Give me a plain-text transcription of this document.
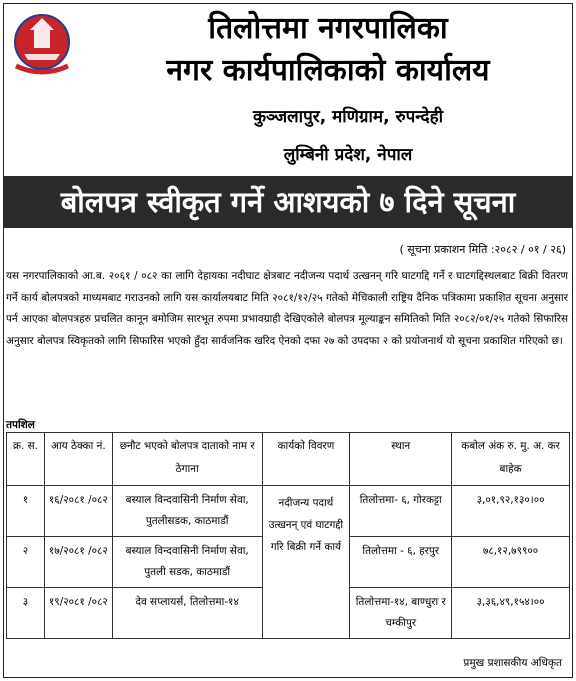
तिलोत्तमा नगरपालिका
नगर कार्यपालिकाको कार्यालय
कुञ्जलापुर, मणिग्राम, रुपन्देही
लुम्बिनी प्रदेश, नेपाल
बोलपत्र स्वीकृत गर्ने आशयको ७ दिने सूचना
( सूचना प्रकाशन मिति :२०८२ / ०१ / २६)
यस नगरपालिकाको आ.ब. २०६१ / ०८२ का लागि देहायका नदीघाट क्षेत्रबाट नदीजन्य पदार्थ उत्खनन् गरि घाटगद्दि गर्ने र घाटगद्दिस्थलबाट बिक्री वितरण गर्ने कार्य बोलपत्रको माध्यमबाट गराउनको लागि यस कार्यालयबाट मिति २०८१/१२/२५ गतेको मेचिकाली राष्ट्रिय दैनिक पत्रिकामा प्रकाशित सूचना अनुसार पर्न आएका बोलपत्रहरु प्रचलित कानून बमोजिम सारभूत रुपमा प्रभावग्राही देखिएकोले बोलपत्र मूल्याङ्कन समितिको मिति २०८२/०१/२५ गतेको सिफारिस अनुसार बोलपत्र स्विकृतको लागि सिफारिस भएको हुँदा सार्वजनिक खरिद ऐनको दफा २७ को उपदफा २ को प्रयोजनार्थ यो सूचना प्रकाशित गरिएको छ।
तपशिल
क्र. स.	आय ठेक्का नं.	छनौट भएको बोलपत्र दाताको नाम र ठेगाना	कार्यको विवरण	स्थान	कबोल अंक रु. मु. अ. कर बाहेक
१	१६/२०८१ /०८२	बस्याल विन्दवासिनी निर्माण सेवा, पुतलीसडक, काठमाडौं	नदीजन्य पदार्थ उत्खनन् एवं घाटगद्दी गरि बिक्री गर्ने कार्य	तिलोत्तमा- ६, गोरकट्टा	३,०१,९२,१३०।००
२	१७/२०८१ /०८२	बस्याल विन्दवासिनी निर्माण सेवा, पुतली सडक, काठमाडौं		तिलोत्तमा - ६, हरपुर	७८,१२,७९९००
३	१९/२०८१ /०८२	देव सप्लायर्स, तिलोत्तमा-१४		तिलोत्तमा-१४, बाण्धुरा र चम्कीपुर	३,३६,४९,१५४।००
प्रमुख प्रशासकीय अधिकृत
